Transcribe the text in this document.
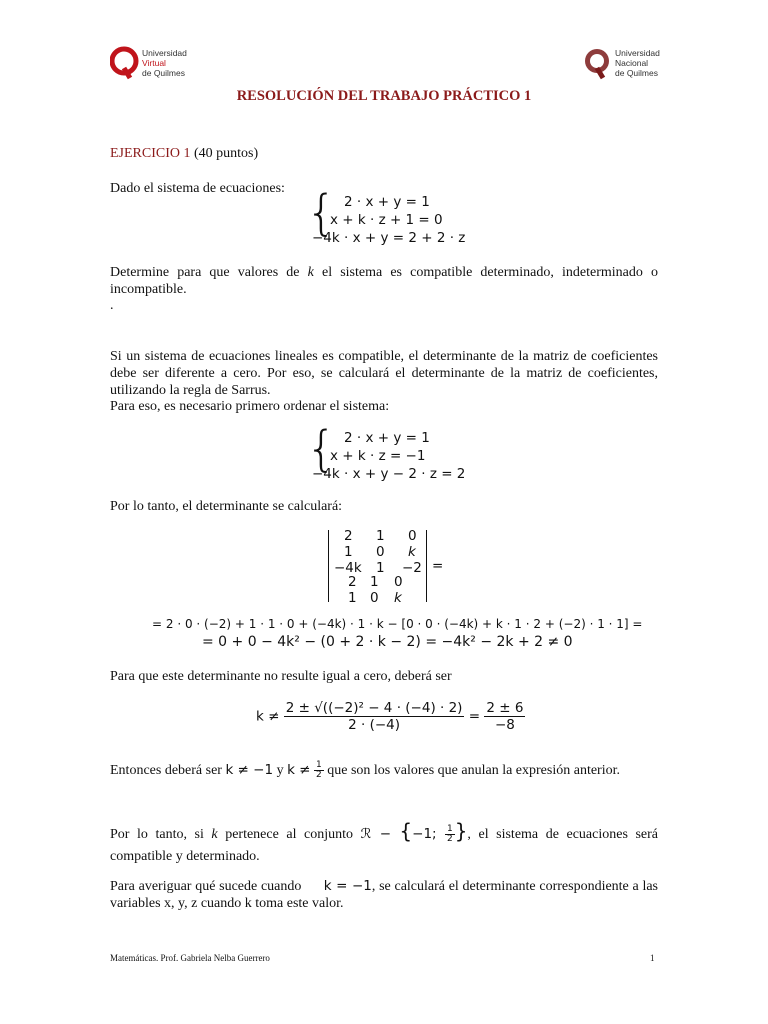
Universidad
Virtual
de Quilmes
Universidad
Nacional
de Quilmes
RESOLUCIÓN DEL TRABAJO PRÁCTICO 1
EJERCICIO 1 (40 puntos)
Dado el sistema de ecuaciones: { 2 · x + y = 1
x + k · z + 1 = 0
−4k · x + y = 2 + 2 · z
Determine para que valores de k el sistema es compatible determinado, indeterminado o incompatible.
.
Si un sistema de ecuaciones lineales es compatible, el determinante de la matriz de coeficientes debe ser diferente a cero. Por eso, se calculará el determinante de la matriz de coeficientes, utilizando la regla de Sarrus.
Para eso, es necesario primero ordenar el sistema:
{ 2 · x + y = 1
x + k · z = −1
−4k · x + y − 2 · z = 2
Por lo tanto, el determinante se calculará:
2 1 0
1 0 k
−4k 1 −2
2 1 0
1 0 k
=
= 2 · 0 · (−2) + 1 · 1 · 0 + (−4k) · 1 · k − [0 · 0 · (−4k) + k · 1 · 2 + (−2) · 1 · 1] =
= 0 + 0 − 4k² − (0 + 2 · k − 2) = −4k² − 2k + 2 ≠ 0
Para que este determinante no resulte igual a cero, deberá ser
$k \ne \frac{\text{2 ± √((−2)² − 4 · (−4) · 2)}}{2 \cdot (-4)} = \frac{2 \pm 6}{-8}$
Entonces deberá ser k ≠ −1 y $k \ne \frac{1}{2}$ que son los valores que anulan la expresión anterior.
Por lo tanto, si k pertenece al conjunto ℛ − {−1; $\frac{1}{2}$ }, el sistema de ecuaciones será compatible y determinado.
Para averiguar qué sucede cuando k = −1, se calculará el determinante correspondiente a las variables x, y, z cuando k toma este valor.
Matemáticas. Prof. Gabriela Nelba Guerrero	1
